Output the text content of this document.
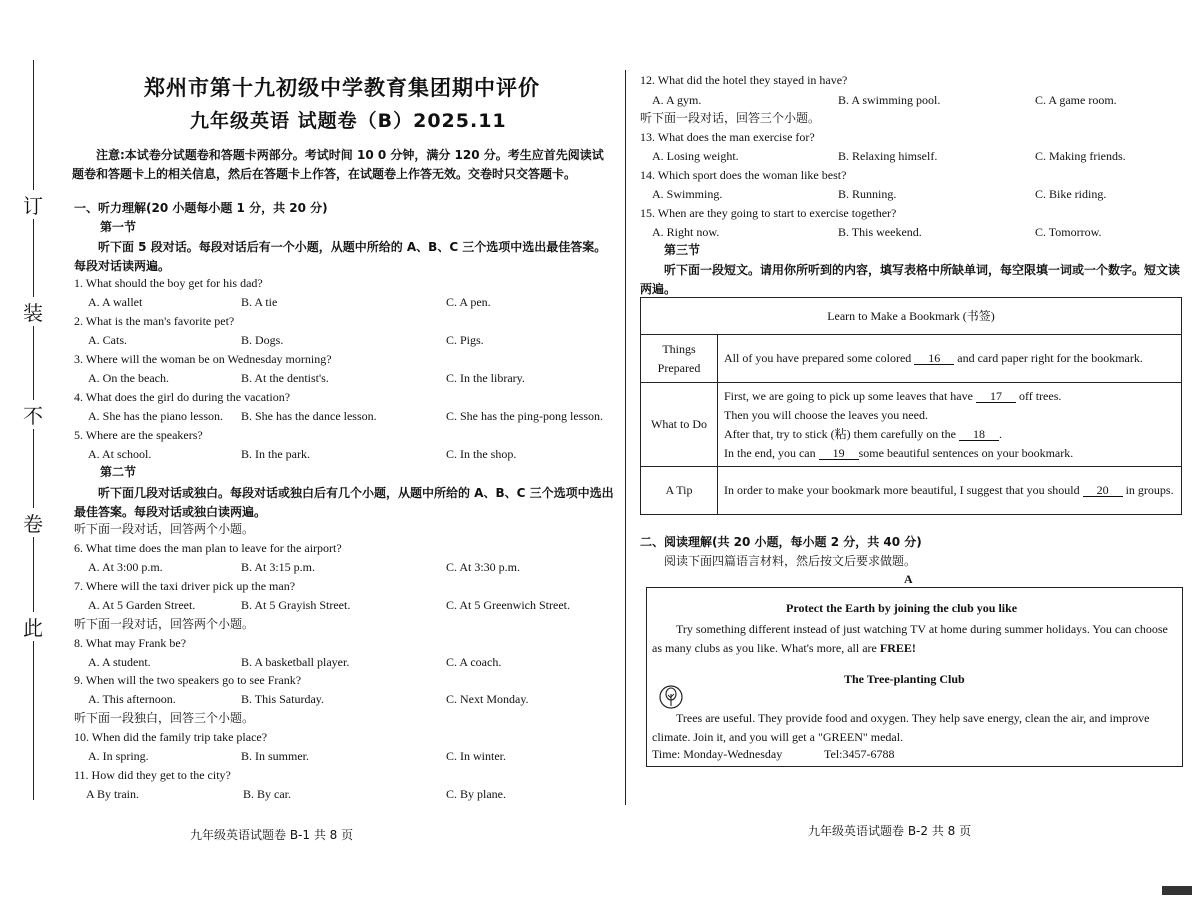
订
装
不
卷
此
郑州市第十九初级中学教育集团期中评价
九年级英语 试题卷（B）2025.11
注意:本试卷分试题卷和答题卡两部分。考试时间 10 0 分钟，满分 120 分。考生应首先阅读试题卷和答题卡上的相关信息，然后在答题卡上作答，在试题卷上作答无效。交卷时只交答题卡。
一、听力理解(20 小题每小题 1 分，共 20 分)
第一节
听下面 5 段对话。每段对话后有一个小题，从题中所给的 A、B、C 三个选项中选出最佳答案。每段对话读两遍。
1. What should the boy get for his dad?
A. A wallet	B. A tie	C. A pen.
2. What is the man's favorite pet?
A. Cats.	B. Dogs.	C. Pigs.
3. Where will the woman be on Wednesday morning?
A. On the beach.	B. At the dentist's.	C. In the library.
4. What does the girl do during the vacation?
A. She has the piano lesson. B. She has the dance lesson.	C. She has the ping-pong lesson.
5. Where are the speakers?
A. At school.	B. In the park.	C. In the shop.
第二节
听下面几段对话或独白。每段对话或独白后有几个小题，从题中所给的 A、B、C 三个选项中选出最佳答案。每段对话或独白读两遍。
听下面一段对话，回答两个小题。
6. What time does the man plan to leave for the airport?
A. At 3:00 p.m.	B. At 3:15 p.m.	C. At 3:30 p.m.
7. Where will the taxi driver pick up the man?
A. At 5 Garden Street.	B. At 5 Grayish Street.	C. At 5 Greenwich Street.
听下面一段对话，回答两个小题。
8. What may Frank be?
A. A student.	B. A basketball player.	C. A coach.
9. When will the two speakers go to see Frank?
A. This afternoon.	B. This Saturday.	C. Next Monday.
听下面一段独白，回答三个小题。
10. When did the family trip take place?
A. In spring.	B. In summer.	C. In winter.
11. How did they get to the city?
A By train.	B. By car.	C. By plane.
九年级英语试题卷 B-1 共 8 页
12. What did the hotel they stayed in have?
A. A gym.	B. A swimming pool.	C. A game room.
听下面一段对话，回答三个小题。
13. What does the man exercise for?
A. Losing weight.	B. Relaxing himself.	C. Making friends.
14. Which sport does the woman like best?
A. Swimming.	B. Running.	C. Bike riding.
15. When are they going to start to exercise together?
A. Right now.	B. This weekend.	C. Tomorrow.
第三节
听下面一段短文。请用你所听到的内容，填写表格中所缺单词，每空限填一词或一个数字。短文读两遍。
Learn to Make a Bookmark (书签)	
Things Prepared	All of you have prepared some colored 16 and card paper right for the bookmark.
What to Do	First, we are going to pick up some leaves that have 17 off trees.
Then you will choose the leaves you need.
After that, try to stick (粘) them carefully on the 18 .
In the end, you can 19 some beautiful sentences on your bookmark.

A Tip	In order to make your bookmark more beautiful, I suggest that you should 20 in groups.
二、阅读理解(共 20 小题，每小题 2 分，共 40 分)
阅读下面四篇语言材料，然后按文后要求做题。
A
Protect the Earth by joining the club you like
Try something different instead of just watching TV at home during summer holidays. You can choose as many clubs as you like. What's more, all are FREE!
The Tree-planting Club
Trees are useful. They provide food and oxygen. They help save energy, clean the air, and improve climate. Join it, and you will get a "GREEN" medal.
Time: Monday-Wednesday	Tel:3457-6788
九年级英语试题卷 B-2 共 8 页
